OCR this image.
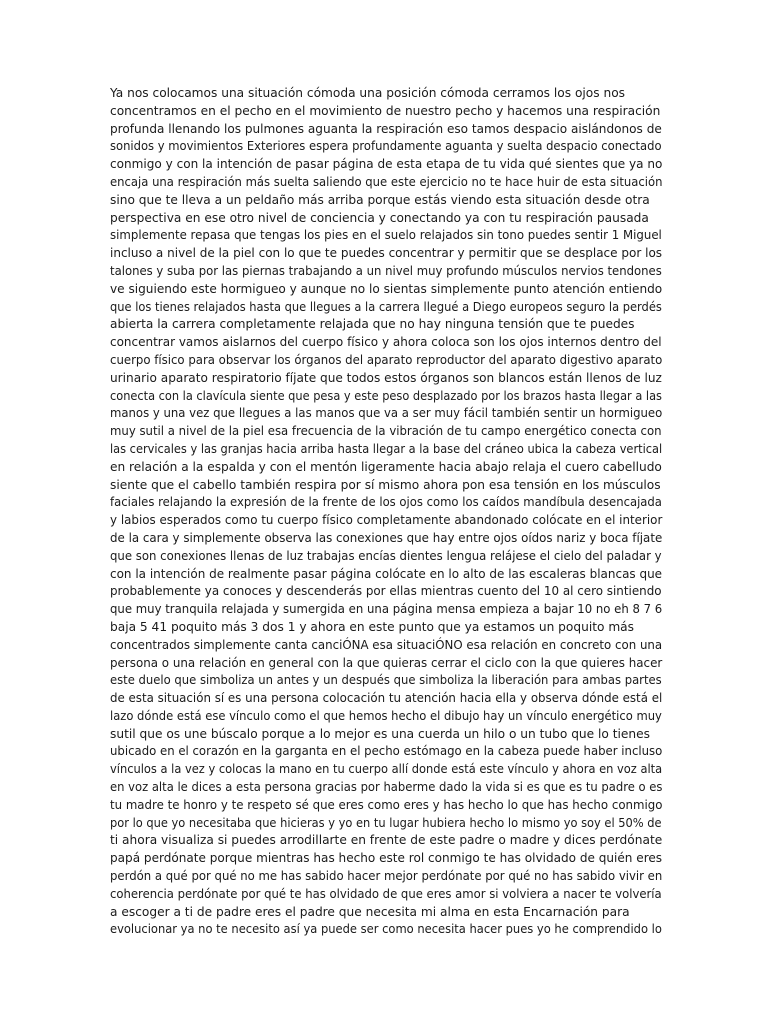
Ya nos colocamos una situación cómoda una posición cómoda cerramos los ojos nos
concentramos en el pecho en el movimiento de nuestro pecho y hacemos una respiración
profunda llenando los pulmones aguanta la respiración eso tamos despacio aislándonos de
sonidos y movimientos Exteriores espera profundamente aguanta y suelta despacio conectado
conmigo y con la intención de pasar página de esta etapa de tu vida qué sientes que ya no
encaja una respiración más suelta saliendo que este ejercicio no te hace huir de esta situación
sino que te lleva a un peldaño más arriba porque estás viendo esta situación desde otra
perspectiva en ese otro nivel de conciencia y conectando ya con tu respiración pausada
simplemente repasa que tengas los pies en el suelo relajados sin tono puedes sentir 1 Miguel
incluso a nivel de la piel con lo que te puedes concentrar y permitir que se desplace por los
talones y suba por las piernas trabajando a un nivel muy profundo músculos nervios tendones
ve siguiendo este hormigueo y aunque no lo sientas simplemente punto atención entiendo
que los tienes relajados hasta que llegues a la carrera llegué a Diego europeos seguro la perdés
abierta la carrera completamente relajada que no hay ninguna tensión que te puedes
concentrar vamos aislarnos del cuerpo físico y ahora coloca son los ojos internos dentro del
cuerpo físico para observar los órganos del aparato reproductor del aparato digestivo aparato
urinario aparato respiratorio fíjate que todos estos órganos son blancos están llenos de luz
conecta con la clavícula siente que pesa y este peso desplazado por los brazos hasta llegar a las
manos y una vez que llegues a las manos que va a ser muy fácil también sentir un hormigueo
muy sutil a nivel de la piel esa frecuencia de la vibración de tu campo energético conecta con
las cervicales y las granjas hacia arriba hasta llegar a la base del cráneo ubica la cabeza vertical
en relación a la espalda y con el mentón ligeramente hacia abajo relaja el cuero cabelludo
siente que el cabello también respira por sí mismo ahora pon esa tensión en los músculos
faciales relajando la expresión de la frente de los ojos como los caídos mandíbula desencajada
y labios esperados como tu cuerpo físico completamente abandonado colócate en el interior
de la cara y simplemente observa las conexiones que hay entre ojos oídos nariz y boca fíjate
que son conexiones llenas de luz trabajas encías dientes lengua relájese el cielo del paladar y
con la intención de realmente pasar página colócate en lo alto de las escaleras blancas que
probablemente ya conoces y descenderás por ellas mientras cuento del 10 al cero sintiendo
que muy tranquila relajada y sumergida en una página mensa empieza a bajar 10 no eh 8 7 6
baja 5 41 poquito más 3 dos 1 y ahora en este punto que ya estamos un poquito más
concentrados simplemente canta canciÓNA esa situaciÓNO esa relación en concreto con una
persona o una relación en general con la que quieras cerrar el ciclo con la que quieres hacer
este duelo que simboliza un antes y un después que simboliza la liberación para ambas partes
de esta situación sí es una persona colocación tu atención hacia ella y observa dónde está el
lazo dónde está ese vínculo como el que hemos hecho el dibujo hay un vínculo energético muy
sutil que os une búscalo porque a lo mejor es una cuerda un hilo o un tubo que lo tienes
ubicado en el corazón en la garganta en el pecho estómago en la cabeza puede haber incluso
vínculos a la vez y colocas la mano en tu cuerpo allí donde está este vínculo y ahora en voz alta
en voz alta le dices a esta persona gracias por haberme dado la vida si es que es tu padre o es
tu madre te honro y te respeto sé que eres como eres y has hecho lo que has hecho conmigo
por lo que yo necesitaba que hicieras y yo en tu lugar hubiera hecho lo mismo yo soy el 50% de
ti ahora visualiza si puedes arrodillarte en frente de este padre o madre y dices perdónate
papá perdónate porque mientras has hecho este rol conmigo te has olvidado de quién eres
perdón a qué por qué no me has sabido hacer mejor perdónate por qué no has sabido vivir en
coherencia perdónate por qué te has olvidado de que eres amor si volviera a nacer te volvería
a escoger a ti de padre eres el padre que necesita mi alma en esta Encarnación para
evolucionar ya no te necesito así ya puede ser como necesita hacer pues yo he comprendido lo
